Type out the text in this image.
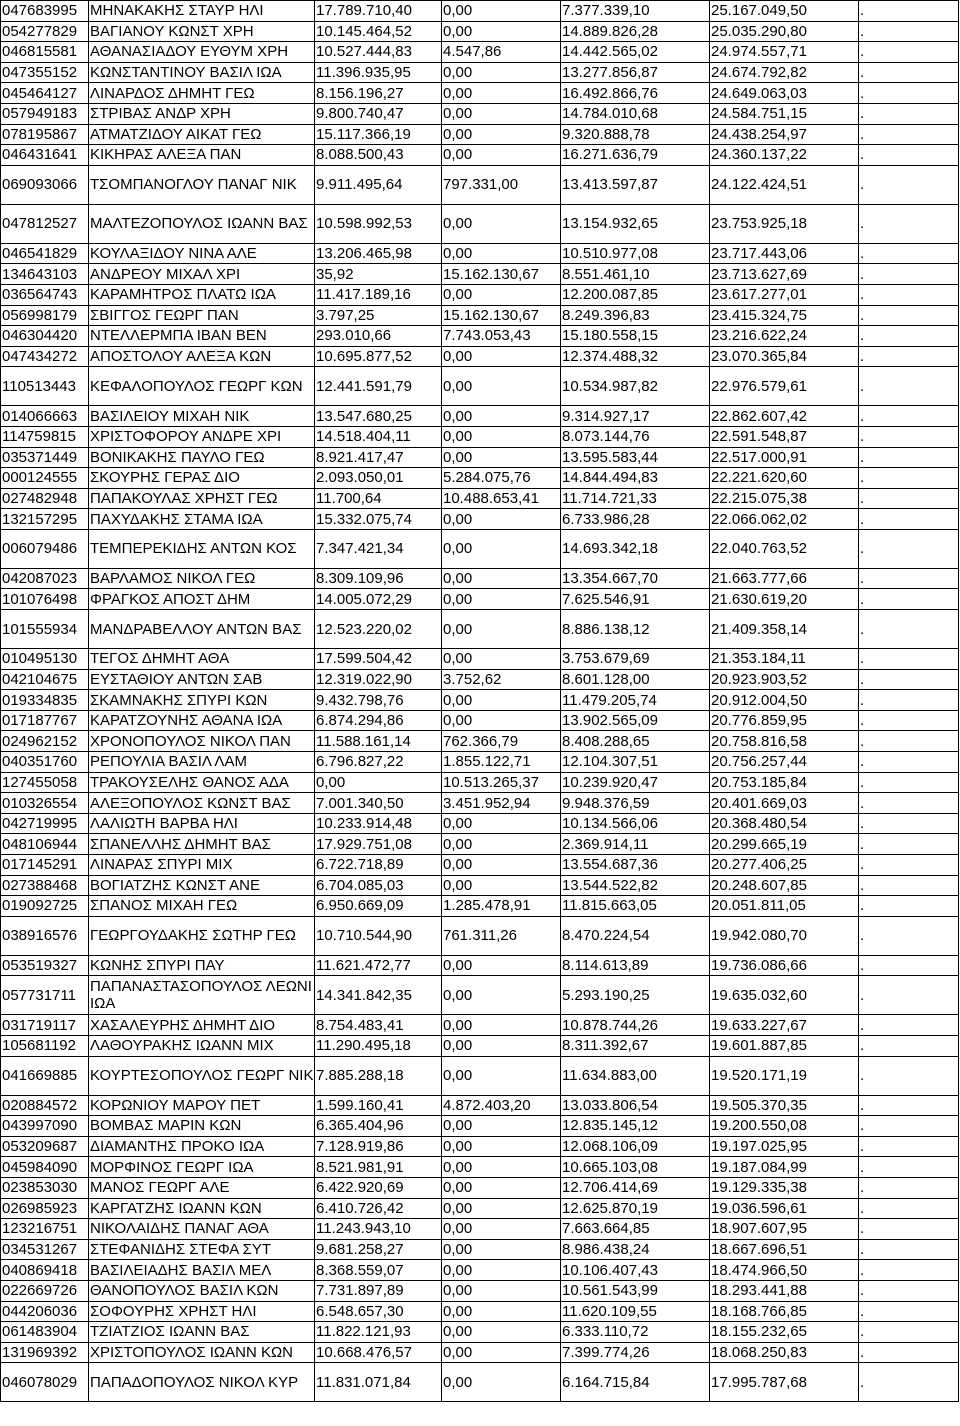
047683995	ΜΗΝΑΚΑΚΗΣ ΣΤΑΥΡ ΗΛΙ	17.789.710,40	0,00	7.377.339,10	25.167.049,50	.
054277829	ΒΑΓΙΑΝΟΥ ΚΩΝΣΤ ΧΡΗ	10.145.464,52	0,00	14.889.826,28	25.035.290,80	.
046815581	ΑΘΑΝΑΣΙΑΔΟΥ ΕΥΘΥΜ ΧΡΗ	10.527.444,83	4.547,86	14.442.565,02	24.974.557,71	.
047355152	ΚΩΝΣΤΑΝΤΙΝΟΥ ΒΑΣΙΛ ΙΩΑ	11.396.935,95	0,00	13.277.856,87	24.674.792,82	.
045464127	ΛΙΝΑΡΔΟΣ ΔΗΜΗΤ ΓΕΩ	8.156.196,27	0,00	16.492.866,76	24.649.063,03	.
057949183	ΣΤΡΙΒΑΣ ΑΝΔΡ ΧΡΗ	9.800.740,47	0,00	14.784.010,68	24.584.751,15	.
078195867	ΑΤΜΑΤΖΙΔΟΥ ΑΙΚΑΤ ΓΕΩ	15.117.366,19	0,00	9.320.888,78	24.438.254,97	.
046431641	ΚΙΚΗΡΑΣ ΑΛΕΞΑ ΠΑΝ	8.088.500,43	0,00	16.271.636,79	24.360.137,22	.
069093066	ΤΣΟΜΠΑΝΟΓΛΟΥ ΠΑΝΑΓ ΝΙΚ	9.911.495,64	797.331,00	13.413.597,87	24.122.424,51	.
047812527	ΜΑΛΤΕΖΟΠΟΥΛΟΣ ΙΩΑΝΝ ΒΑΣ	10.598.992,53	0,00	13.154.932,65	23.753.925,18	.
046541829	ΚΟΥΛΑΞΙΔΟΥ ΝΙΝΑ ΑΛΕ	13.206.465,98	0,00	10.510.977,08	23.717.443,06	.
134643103	ΑΝΔΡΕΟΥ ΜΙΧΑΛ ΧΡΙ	35,92	15.162.130,67	8.551.461,10	23.713.627,69	.
036564743	ΚΑΡΑΜΗΤΡΟΣ ΠΛΑΤΩ ΙΩΑ	11.417.189,16	0,00	12.200.087,85	23.617.277,01	.
056998179	ΣΒΙΓΓΟΣ ΓΕΩΡΓ ΠΑΝ	3.797,25	15.162.130,67	8.249.396,83	23.415.324,75	.
046304420	ΝΤΕΛΛΕΡΜΠΑ ΙΒΑΝ ΒΕΝ	293.010,66	7.743.053,43	15.180.558,15	23.216.622,24	.
047434272	ΑΠΟΣΤΟΛΟΥ ΑΛΕΞΑ ΚΩΝ	10.695.877,52	0,00	12.374.488,32	23.070.365,84	.
110513443	ΚΕΦΑΛΟΠΟΥΛΟΣ ΓΕΩΡΓ ΚΩΝ	12.441.591,79	0,00	10.534.987,82	22.976.579,61	.
014066663	ΒΑΣΙΛΕΙΟΥ ΜΙΧΑΗ ΝΙΚ	13.547.680,25	0,00	9.314.927,17	22.862.607,42	.
114759815	ΧΡΙΣΤΟΦΟΡΟΥ ΑΝΔΡΕ ΧΡΙ	14.518.404,11	0,00	8.073.144,76	22.591.548,87	.
035371449	ΒΟΝΙΚΑΚΗΣ ΠΑΥΛΟ ΓΕΩ	8.921.417,47	0,00	13.595.583,44	22.517.000,91	.
000124555	ΣΚΟΥΡΗΣ ΓΕΡΑΣ ΔΙΟ	2.093.050,01	5.284.075,76	14.844.494,83	22.221.620,60	.
027482948	ΠΑΠΑΚΟΥΛΑΣ ΧΡΗΣΤ ΓΕΩ	11.700,64	10.488.653,41	11.714.721,33	22.215.075,38	.
132157295	ΠΑΧΥΔΑΚΗΣ ΣΤΑΜΑ ΙΩΑ	15.332.075,74	0,00	6.733.986,28	22.066.062,02	.
006079486	ΤΕΜΠΕΡΕΚΙΔΗΣ ΑΝΤΩΝ ΚΟΣ	7.347.421,34	0,00	14.693.342,18	22.040.763,52	.
042087023	ΒΑΡΛΑΜΟΣ ΝΙΚΟΛ ΓΕΩ	8.309.109,96	0,00	13.354.667,70	21.663.777,66	.
101076498	ΦΡΑΓΚΟΣ ΑΠΟΣΤ ΔΗΜ	14.005.072,29	0,00	7.625.546,91	21.630.619,20	.
101555934	ΜΑΝΔΡΑΒΕΛΛΟΥ ΑΝΤΩΝ ΒΑΣ	12.523.220,02	0,00	8.886.138,12	21.409.358,14	.
010495130	ΤΕΓΟΣ ΔΗΜΗΤ ΑΘΑ	17.599.504,42	0,00	3.753.679,69	21.353.184,11	.
042104675	ΕΥΣΤΑΘΙΟΥ ΑΝΤΩΝ ΣΑΒ	12.319.022,90	3.752,62	8.601.128,00	20.923.903,52	.
019334835	ΣΚΑΜΝΑΚΗΣ ΣΠΥΡΙ ΚΩΝ	9.432.798,76	0,00	11.479.205,74	20.912.004,50	.
017187767	ΚΑΡΑΤΖΟΥΝΗΣ ΑΘΑΝΑ ΙΩΑ	6.874.294,86	0,00	13.902.565,09	20.776.859,95	.
024962152	ΧΡΟΝΟΠΟΥΛΟΣ ΝΙΚΟΛ ΠΑΝ	11.588.161,14	762.366,79	8.408.288,65	20.758.816,58	.
040351760	ΡΕΠΟΥΛΙΑ ΒΑΣΙΛ ΛΑΜ	6.796.827,22	1.855.122,71	12.104.307,51	20.756.257,44	.
127455058	ΤΡΑΚΟΥΣΕΛΗΣ ΘΑΝΟΣ ΑΔΑ	0,00	10.513.265,37	10.239.920,47	20.753.185,84	.
010326554	ΑΛΕΞΟΠΟΥΛΟΣ ΚΩΝΣΤ ΒΑΣ	7.001.340,50	3.451.952,94	9.948.376,59	20.401.669,03	.
042719995	ΛΑΛΙΩΤΗ ΒΑΡΒΑ ΗΛΙ	10.233.914,48	0,00	10.134.566,06	20.368.480,54	.
048106944	ΣΠΑΝΕΛΛΗΣ ΔΗΜΗΤ ΒΑΣ	17.929.751,08	0,00	2.369.914,11	20.299.665,19	.
017145291	ΛΙΝΑΡΑΣ ΣΠΥΡΙ ΜΙΧ	6.722.718,89	0,00	13.554.687,36	20.277.406,25	.
027388468	ΒΟΓΙΑΤΖΗΣ ΚΩΝΣΤ ΑΝΕ	6.704.085,03	0,00	13.544.522,82	20.248.607,85	.
019092725	ΣΠΑΝΟΣ ΜΙΧΑΗ ΓΕΩ	6.950.669,09	1.285.478,91	11.815.663,05	20.051.811,05	.
038916576	ΓΕΩΡΓΟΥΔΑΚΗΣ ΣΩΤΗΡ ΓΕΩ	10.710.544,90	761.311,26	8.470.224,54	19.942.080,70	.
053519327	ΚΩΝΗΣ ΣΠΥΡΙ ΠΑΥ	11.621.472,77	0,00	8.114.613,89	19.736.086,66	.
057731711	ΠΑΠΑΝΑΣΤΑΣΟΠΟΥΛΟΣ ΛΕΩΝΙ ΙΩΑ	14.341.842,35	0,00	5.293.190,25	19.635.032,60	.
031719117	ΧΑΣΑΛΕΥΡΗΣ ΔΗΜΗΤ ΔΙΟ	8.754.483,41	0,00	10.878.744,26	19.633.227,67	.
105681192	ΛΑΘΟΥΡΑΚΗΣ ΙΩΑΝΝ ΜΙΧ	11.290.495,18	0,00	8.311.392,67	19.601.887,85	.
041669885	ΚΟΥΡΤΕΣΟΠΟΥΛΟΣ ΓΕΩΡΓ ΝΙΚ	7.885.288,18	0,00	11.634.883,00	19.520.171,19	.
020884572	ΚΟΡΩΝΙΟΥ ΜΑΡΟΥ ΠΕΤ	1.599.160,41	4.872.403,20	13.033.806,54	19.505.370,35	.
043997090	ΒΟΜΒΑΣ ΜΑΡΙΝ ΚΩΝ	6.365.404,96	0,00	12.835.145,12	19.200.550,08	.
053209687	ΔΙΑΜΑΝΤΗΣ ΠΡΟΚΟ ΙΩΑ	7.128.919,86	0,00	12.068.106,09	19.197.025,95	.
045984090	ΜΟΡΦΙΝΟΣ ΓΕΩΡΓ ΙΩΑ	8.521.981,91	0,00	10.665.103,08	19.187.084,99	.
023853030	ΜΑΝΟΣ ΓΕΩΡΓ ΑΛΕ	6.422.920,69	0,00	12.706.414,69	19.129.335,38	.
026985923	ΚΑΡΓΑΤΖΗΣ ΙΩΑΝΝ ΚΩΝ	6.410.726,42	0,00	12.625.870,19	19.036.596,61	.
123216751	ΝΙΚΟΛΑΙΔΗΣ ΠΑΝΑΓ ΑΘΑ	11.243.943,10	0,00	7.663.664,85	18.907.607,95	.
034531267	ΣΤΕΦΑΝΙΔΗΣ ΣΤΕΦΑ ΣΥΤ	9.681.258,27	0,00	8.986.438,24	18.667.696,51	.
040869418	ΒΑΣΙΛΕΙΑΔΗΣ ΒΑΣΙΛ ΜΕΛ	8.368.559,07	0,00	10.106.407,43	18.474.966,50	.
022669726	ΘΑΝΟΠΟΥΛΟΣ ΒΑΣΙΛ ΚΩΝ	7.731.897,89	0,00	10.561.543,99	18.293.441,88	.
044206036	ΣΟΦΟΥΡΗΣ ΧΡΗΣΤ ΗΛΙ	6.548.657,30	0,00	11.620.109,55	18.168.766,85	.
061483904	ΤΖΙΑΤΖΙΟΣ ΙΩΑΝΝ ΒΑΣ	11.822.121,93	0,00	6.333.110,72	18.155.232,65	.
131969392	ΧΡΙΣΤΟΠΟΥΛΟΣ ΙΩΑΝΝ ΚΩΝ	10.668.476,57	0,00	7.399.774,26	18.068.250,83	.
046078029	ΠΑΠΑΔΟΠΟΥΛΟΣ ΝΙΚΟΛ ΚΥΡ	11.831.071,84	0,00	6.164.715,84	17.995.787,68	.
